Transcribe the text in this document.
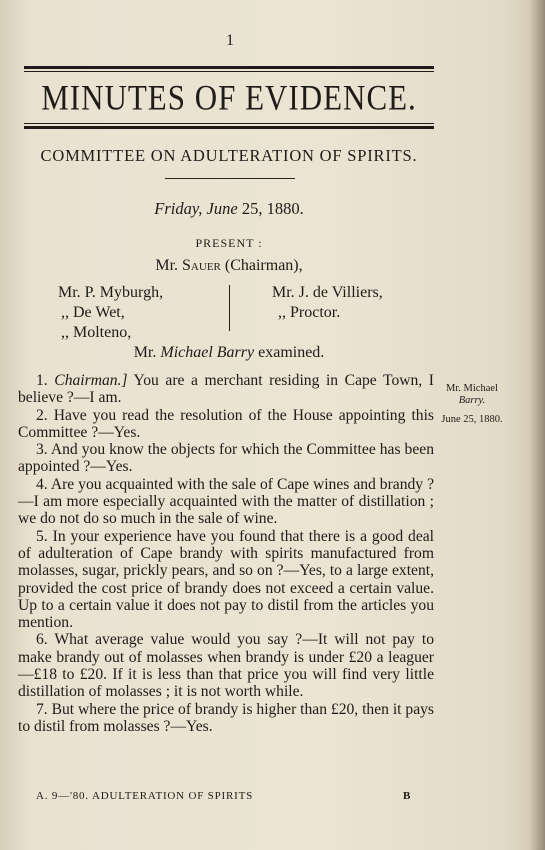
1
MINUTES OF EVIDENCE.
COMMITTEE ON ADULTERATION OF SPIRITS.
Friday, June 25, 1880.
PRESENT :
Mr. Sauer (Chairman),
Mr. P. Myburgh,
,, De Wet,
,, Molteno,
Mr. J. de Villiers,
,, Proctor.
Mr. Michael Barry examined.
Mr. Michael
Barry.
June 25, 1880.

1. Chairman.] You are a merchant residing in Cape Town, I believe ?—I am.

2. Have you read the resolution of the House appointing this Committee ?—Yes.

3. And you know the objects for which the Committee has been appointed ?—Yes.

4. Are you acquainted with the sale of Cape wines and brandy ?—I am more especially acquainted with the matter of distillation ; we do not do so much in the sale of wine.

5. In your experience have you found that there is a good deal of adulteration of Cape brandy with spirits manufactured from molasses, sugar, prickly pears, and so on ?—Yes, to a large extent, provided the cost price of brandy does not exceed a certain value. Up to a certain value it does not pay to distil from the articles you mention.

6. What average value would you say ?—It will not pay to make brandy out of molasses when brandy is under £20 a leaguer—£18 to £20. If it is less than that price you will find very little distillation of molasses ; it is not worth while.

7. But where the price of brandy is higher than £20, then it pays to distil from molasses ?—Yes.

A. 9—'80. ADULTERATION OF SPIRITS	B
